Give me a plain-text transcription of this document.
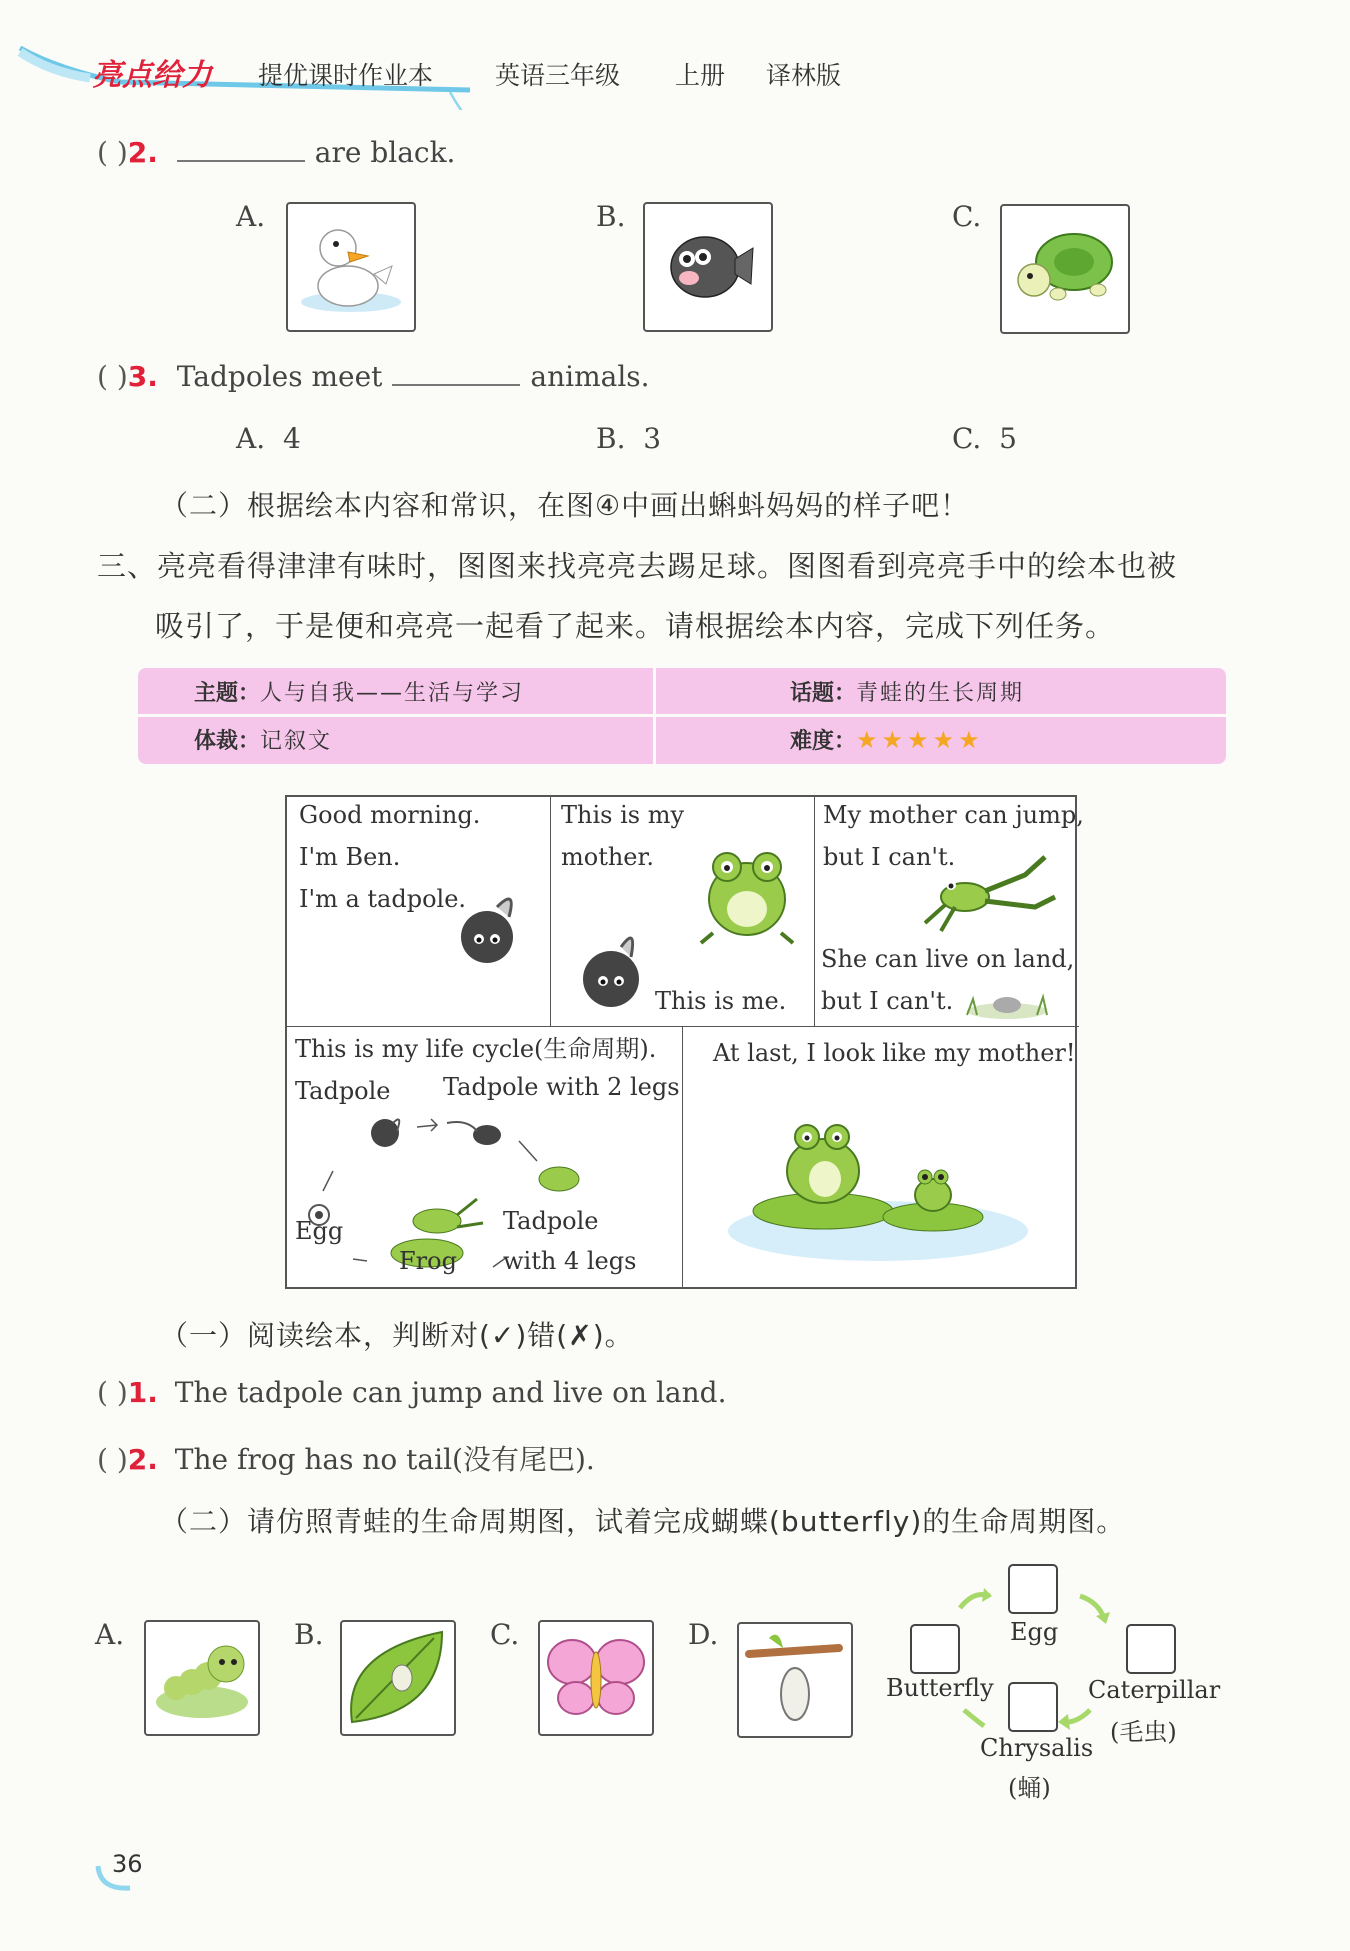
亮点给力 提优课时作业本 英语三年级 上册 译林版
( )2.	are black.
A.	B.	C.
( )3. Tadpoles meet	animals.
A. 4	B. 3	C. 5
（二）根据绘本内容和常识，在图④中画出蝌蚪妈妈的样子吧！
三、亮亮看得津津有味时，图图来找亮亮去踢足球。图图看到亮亮手中的绘本也被
吸引了，于是便和亮亮一起看了起来。请根据绘本内容，完成下列任务。
主题：人与自我——生活与学习	话题：青蛙的生长周期
体裁：记叙文	难度：★★★★★
Good morning.
I'm Ben.
I'm a tadpole.
This is my
mother.
This is me.
My mother can jump,
but I can't.
She can live on land,
but I can't.
This is my life cycle(生命周期).
Tadpole Tadpole with 2 legs
Egg
Frog
Tadpole
with 4 legs
At last, I look like my mother!
（一）阅读绘本，判断对(✓)错(✗)。
( )1. The tadpole can jump and live on land.
( )2. The frog has no tail(没有尾巴).
（二）请仿照青蛙的生命周期图，试着完成蝴蝶(butterfly)的生命周期图。
A.	B.	C.	D.	Egg
Butterfly	Caterpillar
(毛虫)
Chrysalis
(蛹)
36
